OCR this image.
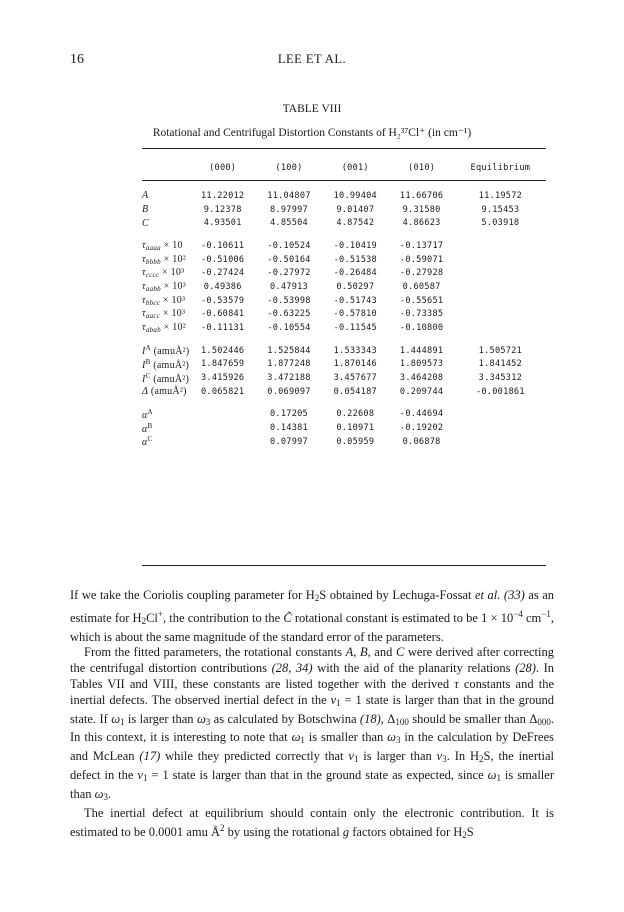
16	LEE ET AL.
TABLE VIII
Rotational and Centrifugal Distortion Constants of H₂³⁷Cl⁺ (in cm⁻¹)
	(000)	(100)	(001)	(010)	Equilibrium
A	11.22012	11.04807	10.99404	11.66706	11.19572
B	9.12378	8.97997	9.01407	9.31580	9.15453
C	4.93501	4.85504	4.87542	4.86623	5.03918
$\tau_{aaaa} \times 10$	-0.10611	-0.10524	-0.10419	-0.13717	
$\tau_{bbbb} \times 10^2$	-0.51006	-0.50164	-0.51538	-0.59071	
$\tau_{cccc} \times 10^3$	-0.27424	-0.27972	-0.26484	-0.27928	
$\tau_{aabb} \times 10^3$	0.49386	0.47913	0.50297	0.60587	
$\tau_{bbcc} \times 10^3$	-0.53579	-0.53998	-0.51743	-0.55651	
$\tau_{aacc} \times 10^3$	-0.60841	-0.63225	-0.57810	-0.73385	
$\tau_{abab} \times 10^2$	-0.11131	-0.10554	-0.11545	-0.10800	
$I^A$ (amuÅ²)	1.502446	1.525844	1.533343	1.444891	1.505721
$I^B$ (amuÅ²)	1.847659	1.877248	1.870146	1.809573	1.841452
$I^C$ (amuÅ²)	3.415926	3.472188	3.457677	3.464208	3.345312
Δ (amuÅ²)	0.065821	0.069097	0.054187	0.209744	-0.001861
$\alpha^A$		0.17205	0.22608	-0.44694	
$\alpha^B$		0.14381	0.10971	-0.19202	
$\alpha^C$		0.07997	0.05959	0.06878	

If we take the Coriolis coupling parameter for H2S obtained by Lechuga-Fossat et al. (33) as an estimate for H2Cl+, the contribution to the C̃ rotational constant is estimated to be $1 \times 10^{-4}$ $cm^{-1}$, which is about the same magnitude of the standard error of the parameters.

From the fitted parameters, the rotational constants A, B, and C were derived after correcting the centrifugal distortion contributions (28, 34) with the aid of the planarity relations (28). In Tables VII and VIII, these constants are listed together with the derived τ constants and the inertial defects. The observed inertial defect in the v1 = 1 state is larger than that in the ground state. If ω1 is larger than ω3 as calculated by Botschwina (18), Δ100 should be smaller than Δ000. In this context, it is interesting to note that ω1 is smaller than ω3 in the calculation by DeFrees and McLean (17) while they predicted correctly that ν1 is larger than ν3. In H2S, the inertial defect in the v1 = 1 state is larger than that in the ground state as expected, since ω1 is smaller than ω3.

The inertial defect at equilibrium should contain only the electronic contribution. It is estimated to be 0.0001 amu $Å^2$ by using the rotational g factors obtained for H2S
